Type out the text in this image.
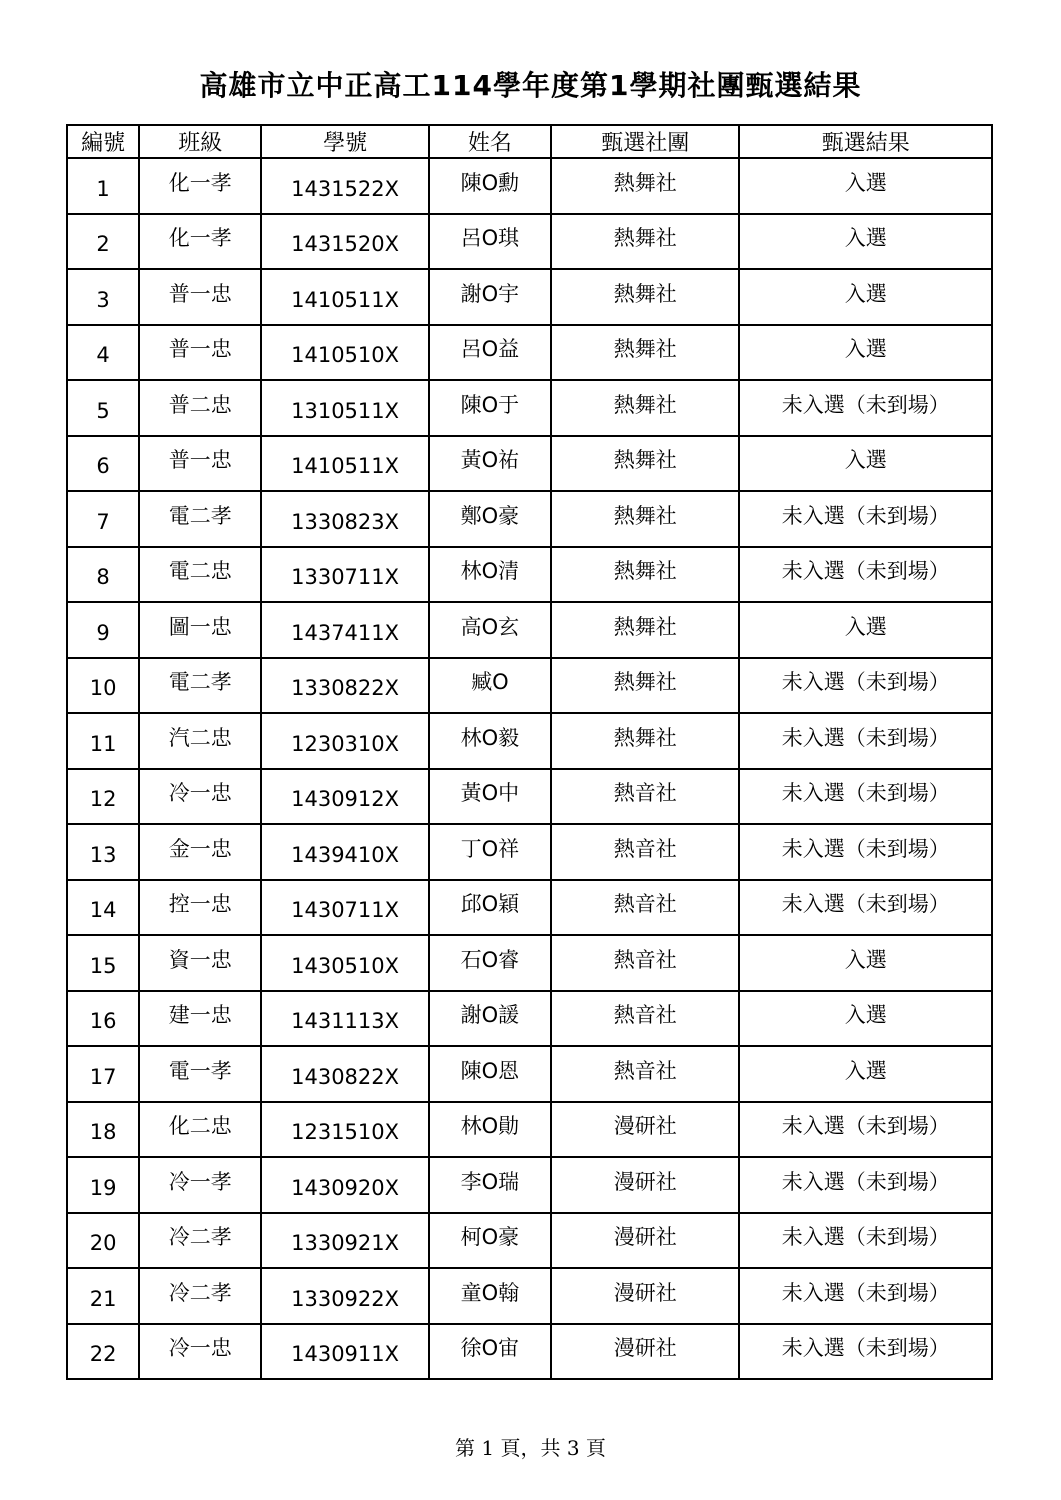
高雄市立中正高工114學年度第1學期社團甄選結果
編號	班級	學號	姓名	甄選社團	甄選結果
1	化一孝	1431522X	陳O勳	熱舞社	入選
2	化一孝	1431520X	呂O琪	熱舞社	入選
3	普一忠	1410511X	謝O宇	熱舞社	入選
4	普一忠	1410510X	呂O益	熱舞社	入選
5	普二忠	1310511X	陳O于	熱舞社	未入選（未到場）
6	普一忠	1410511X	黃O祐	熱舞社	入選
7	電二孝	1330823X	鄭O豪	熱舞社	未入選（未到場）
8	電二忠	1330711X	林O清	熱舞社	未入選（未到場）
9	圖一忠	1437411X	高O玄	熱舞社	入選
10	電二孝	1330822X	臧O	熱舞社	未入選（未到場）
11	汽二忠	1230310X	林O毅	熱舞社	未入選（未到場）
12	冷一忠	1430912X	黃O中	熱音社	未入選（未到場）
13	金一忠	1439410X	丁O祥	熱音社	未入選（未到場）
14	控一忠	1430711X	邱O穎	熱音社	未入選（未到場）
15	資一忠	1430510X	石O睿	熱音社	入選
16	建一忠	1431113X	謝O諼	熱音社	入選
17	電一孝	1430822X	陳O恩	熱音社	入選
18	化二忠	1231510X	林O勛	漫研社	未入選（未到場）
19	冷一孝	1430920X	李O瑞	漫研社	未入選（未到場）
20	冷二孝	1330921X	柯O豪	漫研社	未入選（未到場）
21	冷二孝	1330922X	童O翰	漫研社	未入選（未到場）
22	冷一忠	1430911X	徐O宙	漫研社	未入選（未到場）
第 1 頁，共 3 頁
